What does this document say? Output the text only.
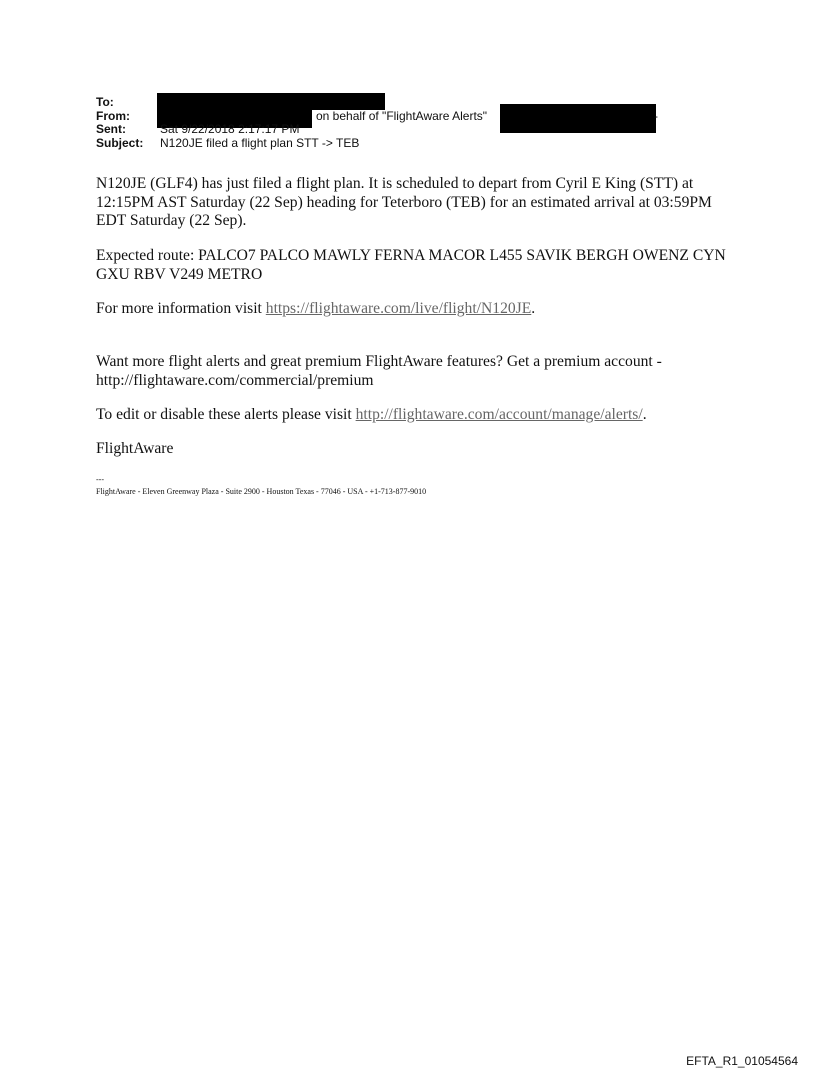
To:
From:	on behalf of "FlightAware Alerts"	-
Sent:	Sat 9/22/2018 2:17:17 PM
Subject: N120JE filed a flight plan STT -> TEB

N120JE (GLF4) has just filed a flight plan. It is scheduled to depart from Cyril E King (STT) at 12:15PM AST Saturday (22 Sep) heading for Teterboro (TEB) for an estimated arrival at 03:59PM EDT Saturday (22 Sep).

Expected route: PALCO7 PALCO MAWLY FERNA MACOR L455 SAVIK BERGH OWENZ CYN GXU RBV V249 METRO

For more information visit https://flightaware.com/live/flight/N120JE.

Want more flight alerts and great premium FlightAware features? Get a premium account - http://flightaware.com/commercial/premium

To edit or disable these alerts please visit http://flightaware.com/account/manage/alerts/.

FlightAware

---
FlightAware - Eleven Greenway Plaza - Suite 2900 - Houston Texas - 77046 - USA - +1-713-877-9010
EFTA_R1_01054564
